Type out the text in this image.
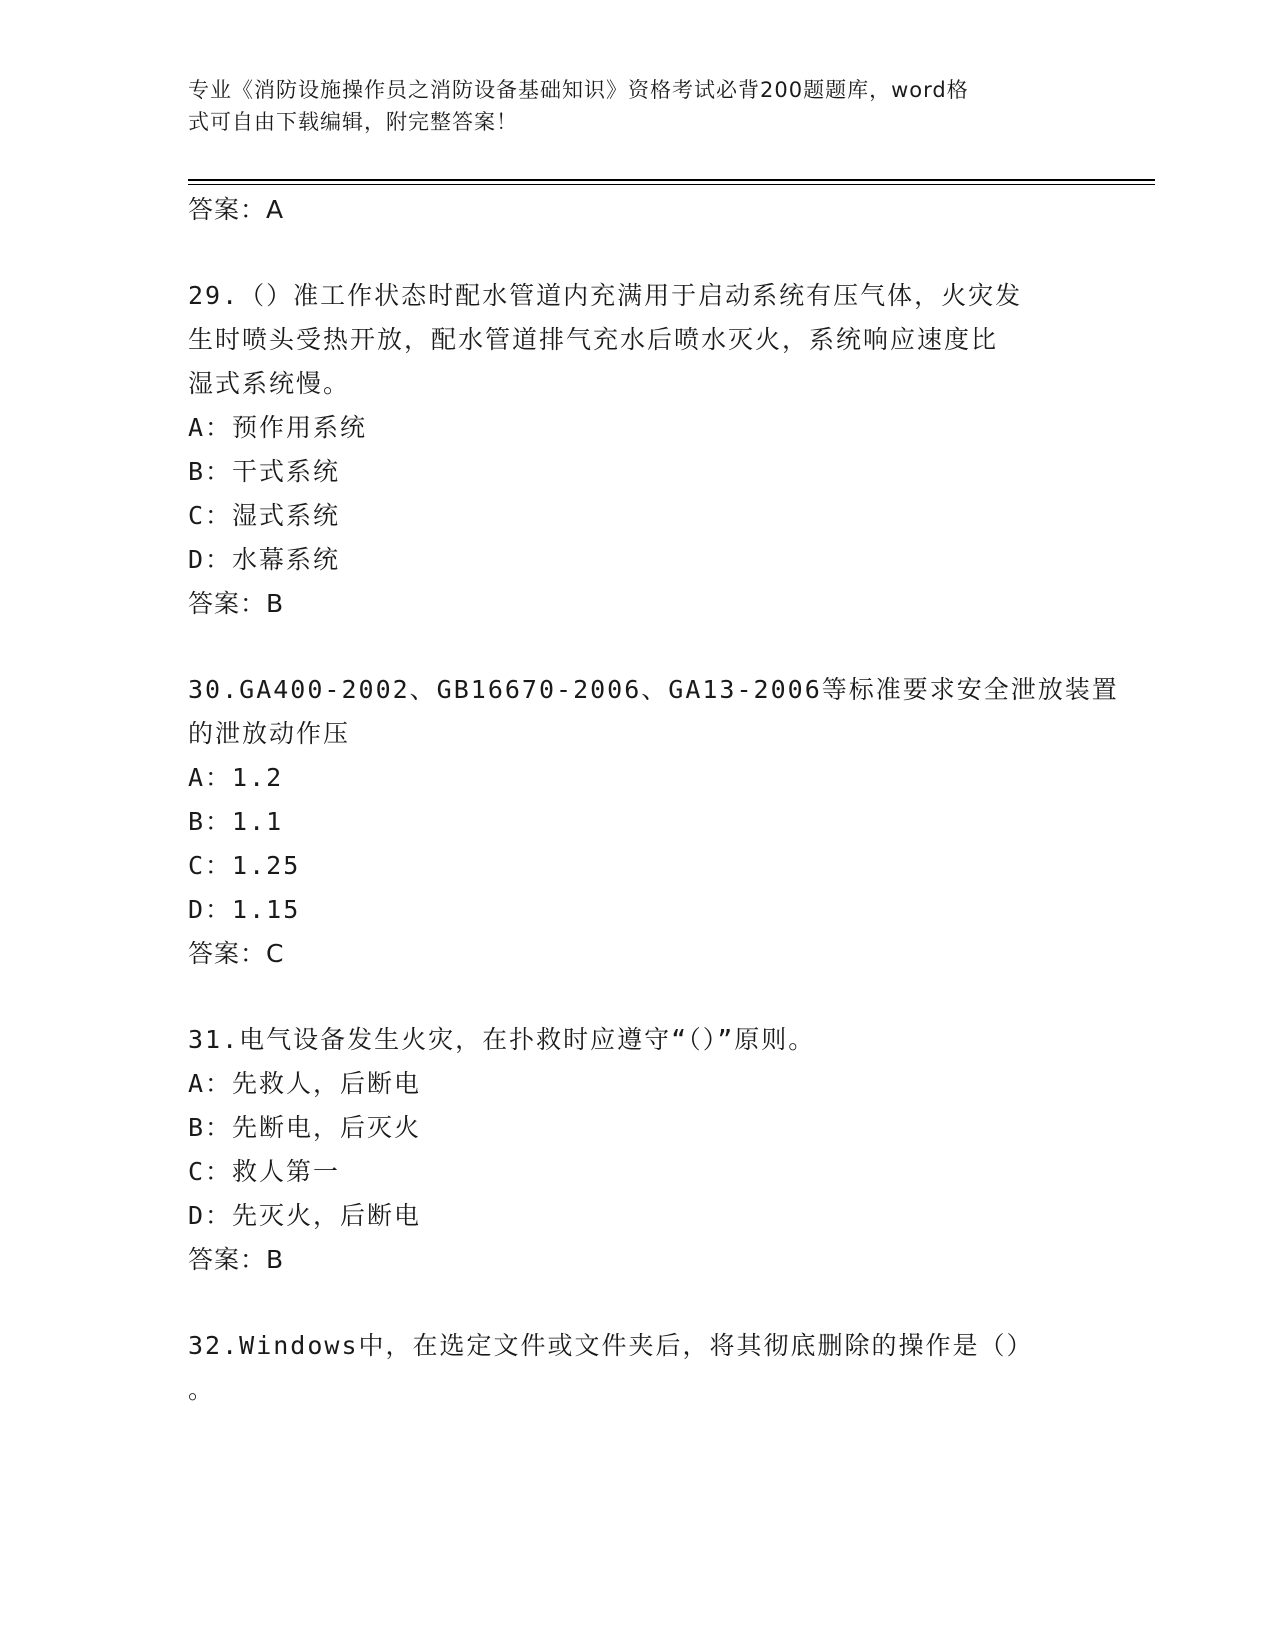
专业《消防设施操作员之消防设备基础知识》资格考试必背200题题库，word格
式可自由下载编辑，附完整答案！
答案：A
29.（）准工作状态时配水管道内充满用于启动系统有压气体，火灾发
生时喷头受热开放，配水管道排气充水后喷水灭火，系统响应速度比
湿式系统慢。
A：预作用系统
B：干式系统
C：湿式系统
D：水幕系统
答案：B
30.GA400-2002、GB16670-2006、GA13-2006等标准要求安全泄放装置
的泄放动作压
A：1.2
B：1.1
C：1.25
D：1.15
答案：C
31.电气设备发生火灾，在扑救时应遵守“（）”原则。
A：先救人，后断电
B：先断电，后灭火
C：救人第一
D：先灭火，后断电
答案：B
32.Windows中，在选定文件或文件夹后，将其彻底删除的操作是（）
。
